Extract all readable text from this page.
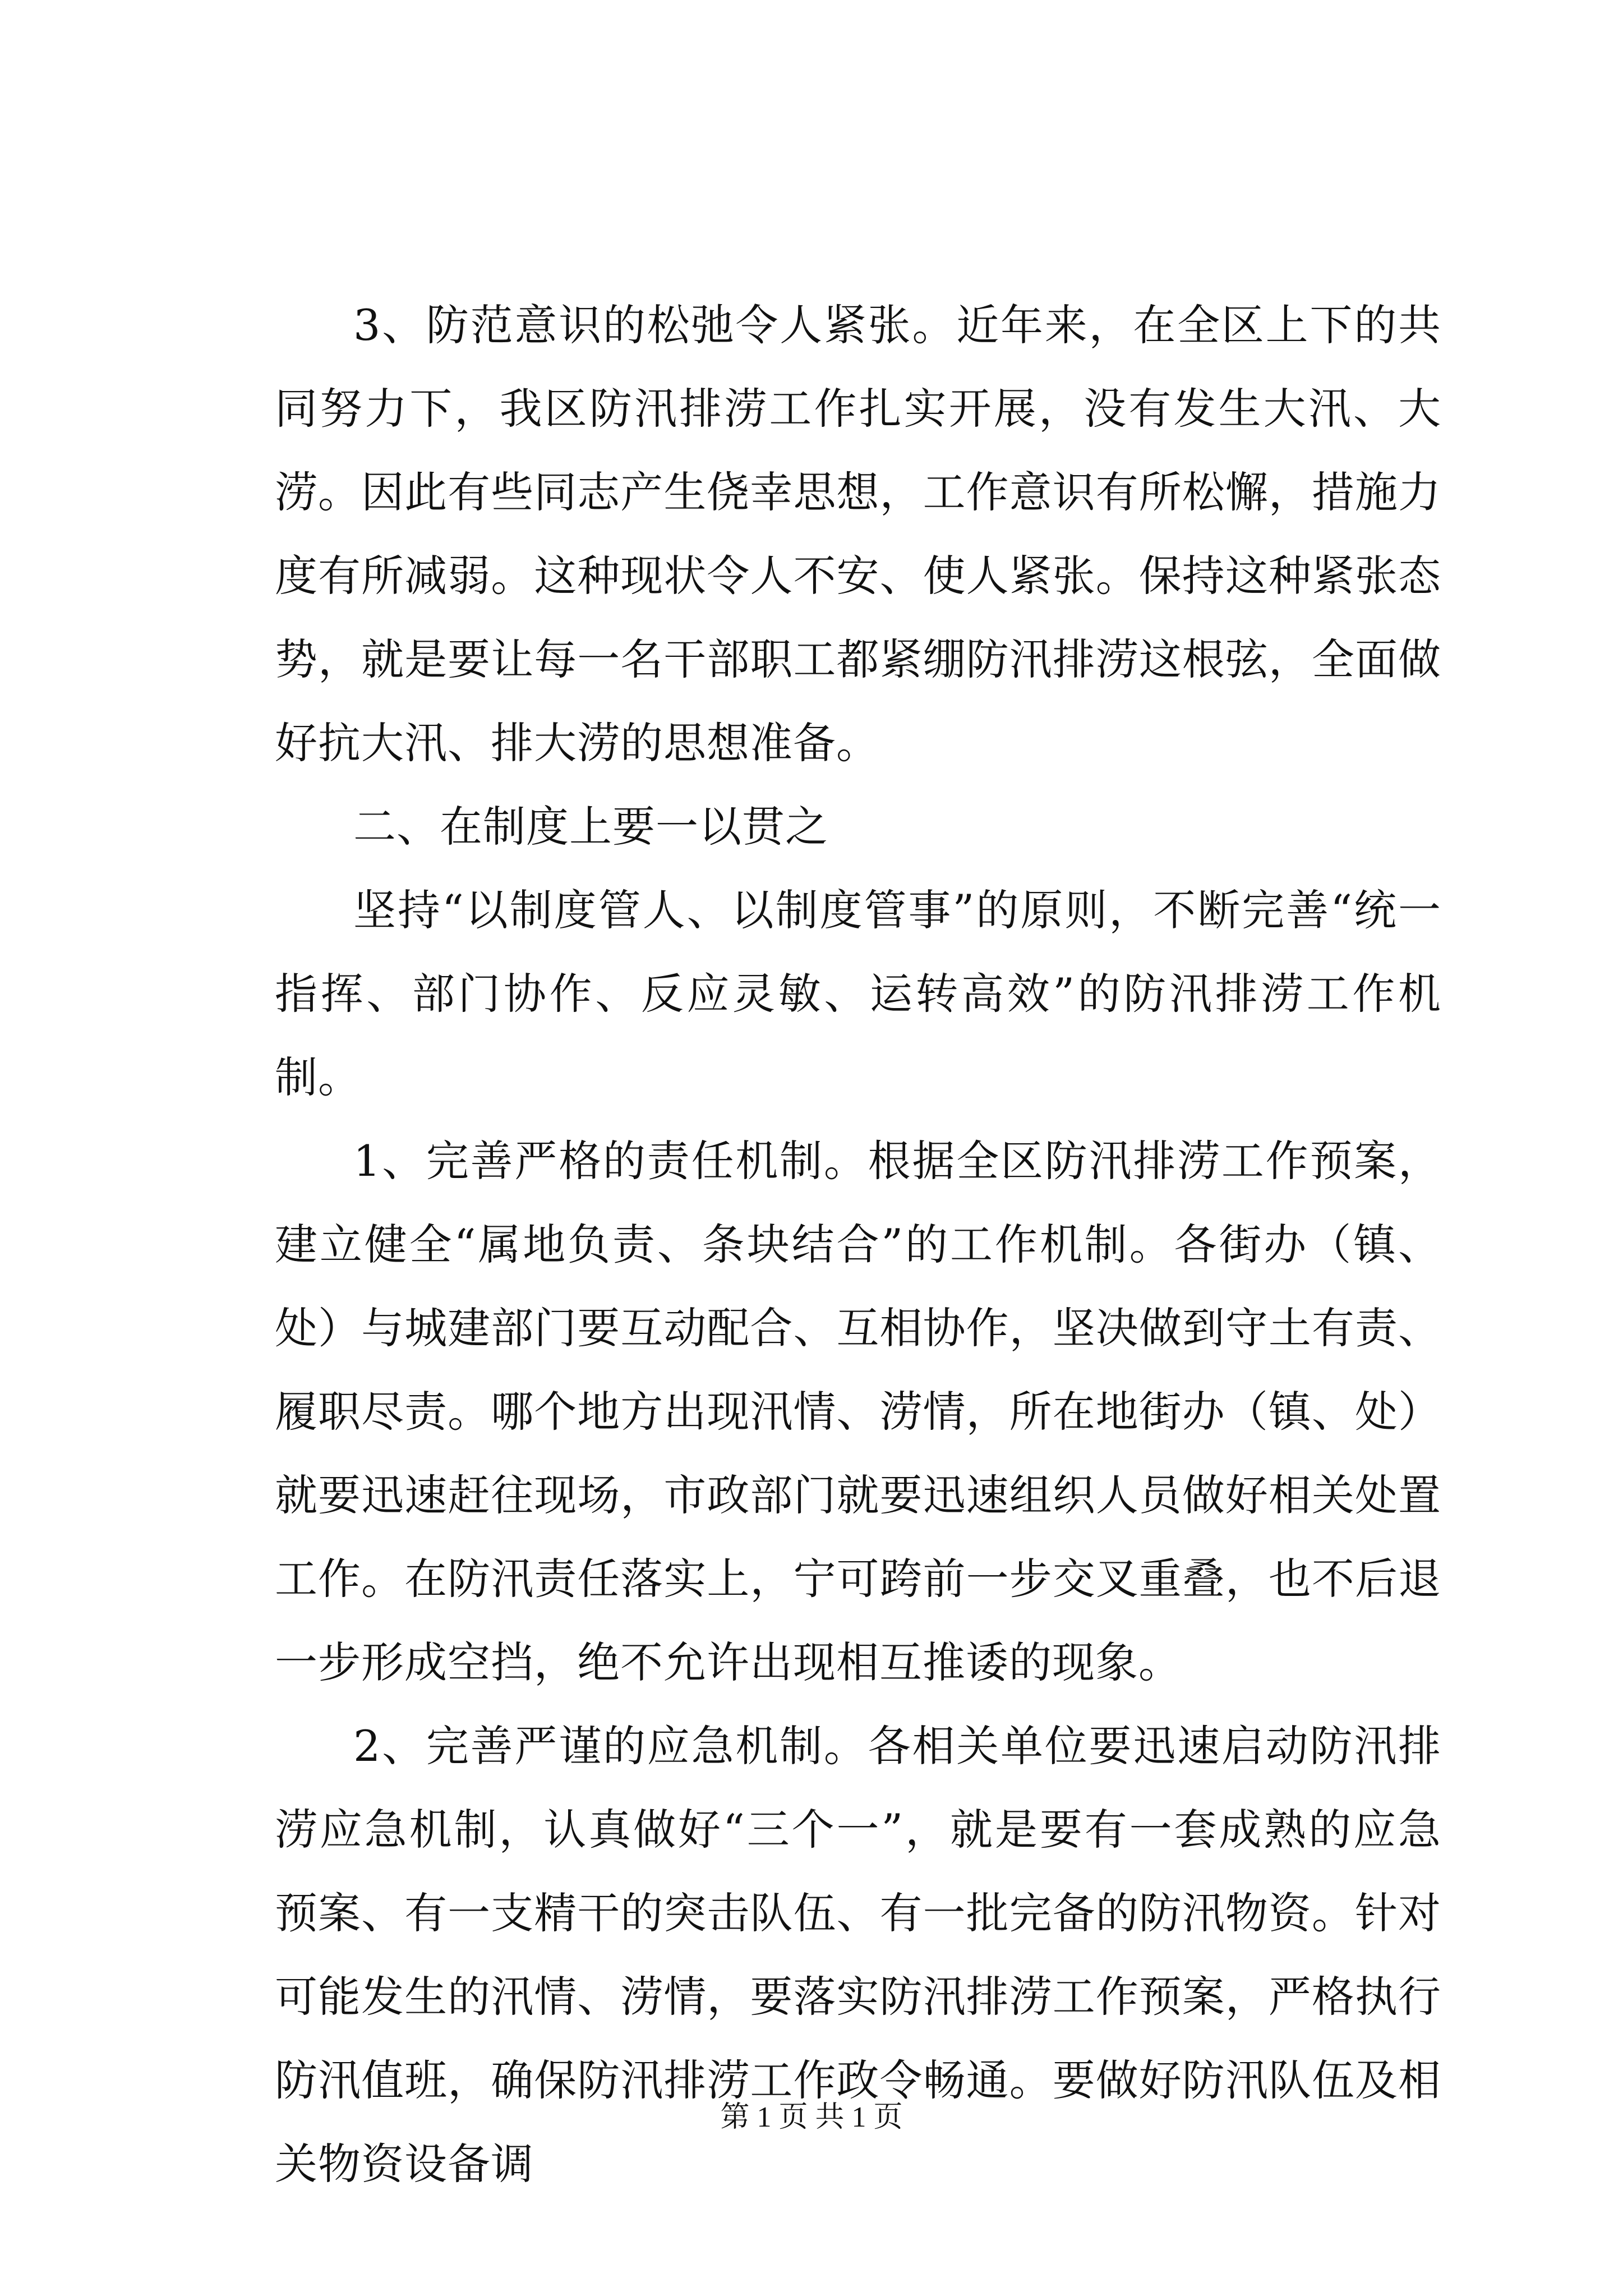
3、防范意识的松弛令人紧张。近年来，在全区上下的共同努力下，我区防汛排涝工作扎实开展，没有发生大汛、大涝。因此有些同志产生侥幸思想，工作意识有所松懈，措施力度有所减弱。这种现状令人不安、使人紧张。保持这种紧张态势，就是要让每一名干部职工都紧绷防汛排涝这根弦，全面做好抗大汛、排大涝的思想准备。

二、在制度上要一以贯之

坚持“以制度管人、以制度管事”的原则，不断完善“统一指挥、部门协作、反应灵敏、运转高效”的防汛排涝工作机制。

1、完善严格的责任机制。根据全区防汛排涝工作预案，建立健全“属地负责、条块结合”的工作机制。各街办（镇、处）与城建部门要互动配合、互相协作，坚决做到守土有责、履职尽责。哪个地方出现汛情、涝情，所在地街办（镇、处）就要迅速赶往现场，市政部门就要迅速组织人员做好相关处置工作。在防汛责任落实上，宁可跨前一步交叉重叠，也不后退一步形成空挡，绝不允许出现相互推诿的现象。

2、完善严谨的应急机制。各相关单位要迅速启动防汛排涝应急机制，认真做好“三个一”，就是要有一套成熟的应急预案、有一支精干的突击队伍、有一批完备的防汛物资。针对可能发生的汛情、涝情，要落实防汛排涝工作预案，严格执行防汛值班，确保防汛排涝工作政令畅通。要做好防汛队伍及相关物资设备调

第 1 页 共 1 页
